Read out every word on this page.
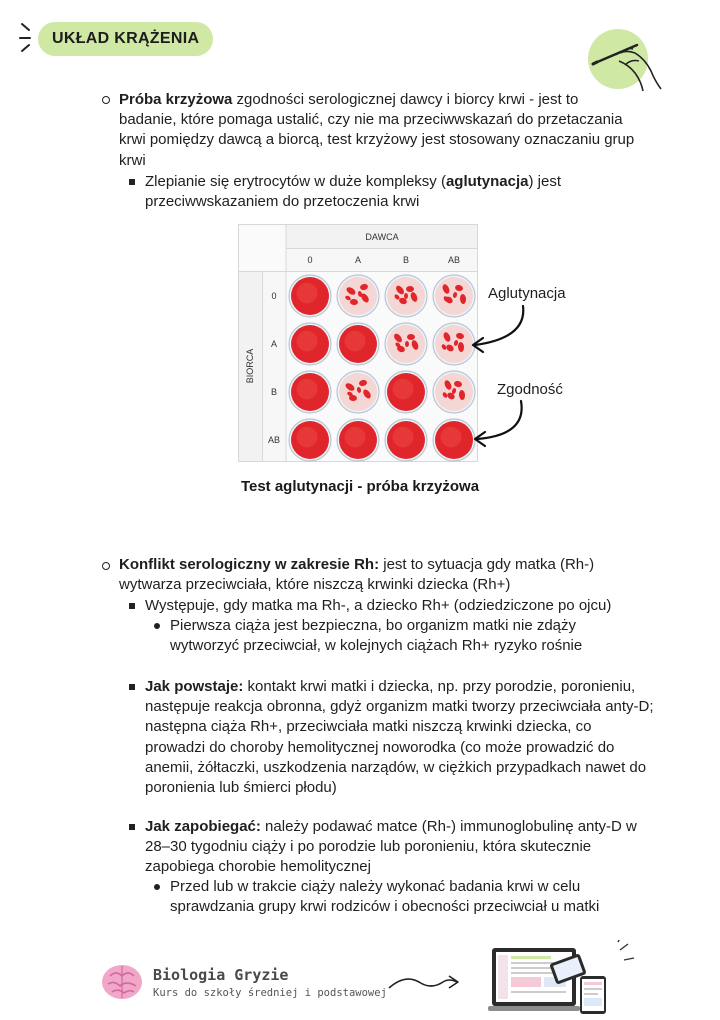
UKŁAD KRĄŻENIA
Próba krzyżowa zgodności serologicznej dawcy i biorcy krwi - jest to badanie, które pomaga ustalić, czy nie ma przeciwwskazań do przetaczania krwi pomiędzy dawcą a biorcą, test krzyżowy jest stosowany oznaczaniu grup krwi
Zlepianie się erytrocytów w duże kompleksy (aglutynacja) jest przeciwwskazaniem do przetoczenia krwi
DAWCA
BIORCA
0	A	B	AB
0
A
B
AB
Aglutynacja
Zgodność
Test aglutynacji - próba krzyżowa
Konflikt serologiczny w zakresie Rh: jest to sytuacja gdy matka (Rh-) wytwarza przeciwciała, które niszczą krwinki dziecka (Rh+)
Występuje, gdy matka ma Rh-, a dziecko Rh+ (odziedziczone po ojcu)
Pierwsza ciąża jest bezpieczna, bo organizm matki nie zdąży wytworzyć przeciwciał, w kolejnych ciążach Rh+ ryzyko rośnie
Jak powstaje: kontakt krwi matki i dziecka, np. przy porodzie, poronieniu, następuje reakcja obronna, gdyż organizm matki tworzy przeciwciała anty-D; następna ciąża Rh+, przeciwciała matki niszczą krwinki dziecka, co prowadzi do choroby hemolitycznej noworodka (co może prowadzić do anemii, żółtaczki, uszkodzenia narządów, w ciężkich przypadkach nawet do poronienia lub śmierci płodu)
Jak zapobiegać: należy podawać matce (Rh-) immunoglobulinę anty-D w 28–30 tygodniu ciąży i po porodzie lub poronieniu, która skutecznie zapobiega chorobie hemolitycznej
Przed lub w trakcie ciąży należy wykonać badania krwi w celu sprawdzania grupy krwi rodziców i obecności przeciwciał u matki
Biologia Gryzie
Kurs do szkoły średniej i podstawowej
